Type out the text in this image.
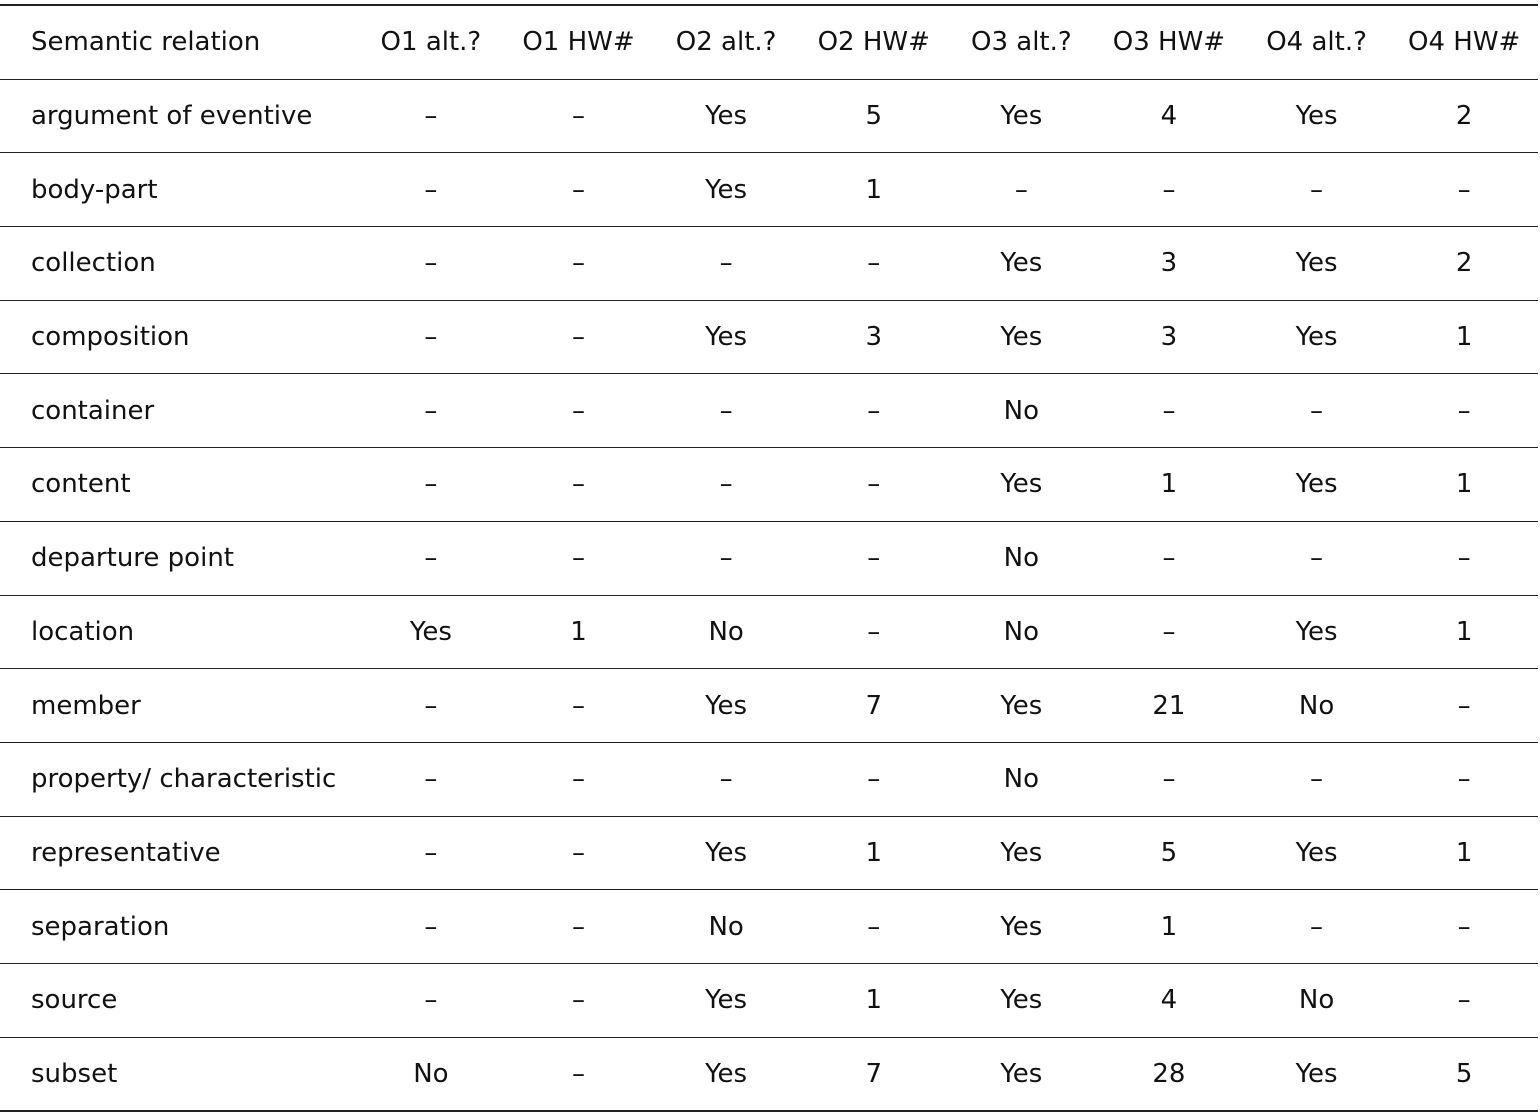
Semantic relation	O1 alt.?	O1 HW#	O2 alt.?	O2 HW#	O3 alt.?	O3 HW#	O4 alt.?	O4 HW#
argument of eventive	–	–	Yes	5	Yes	4	Yes	2
body-part	–	–	Yes	1	–	–	–	–
collection	–	–	–	–	Yes	3	Yes	2
composition	–	–	Yes	3	Yes	3	Yes	1
container	–	–	–	–	No	–	–	–
content	–	–	–	–	Yes	1	Yes	1
departure point	–	–	–	–	No	–	–	–
location	Yes	1	No	–	No	–	Yes	1
member	–	–	Yes	7	Yes	21	No	–
property/ characteristic	–	–	–	–	No	–	–	–
representative	–	–	Yes	1	Yes	5	Yes	1
separation	–	–	No	–	Yes	1	–	–
source	–	–	Yes	1	Yes	4	No	–
subset	No	–	Yes	7	Yes	28	Yes	5
